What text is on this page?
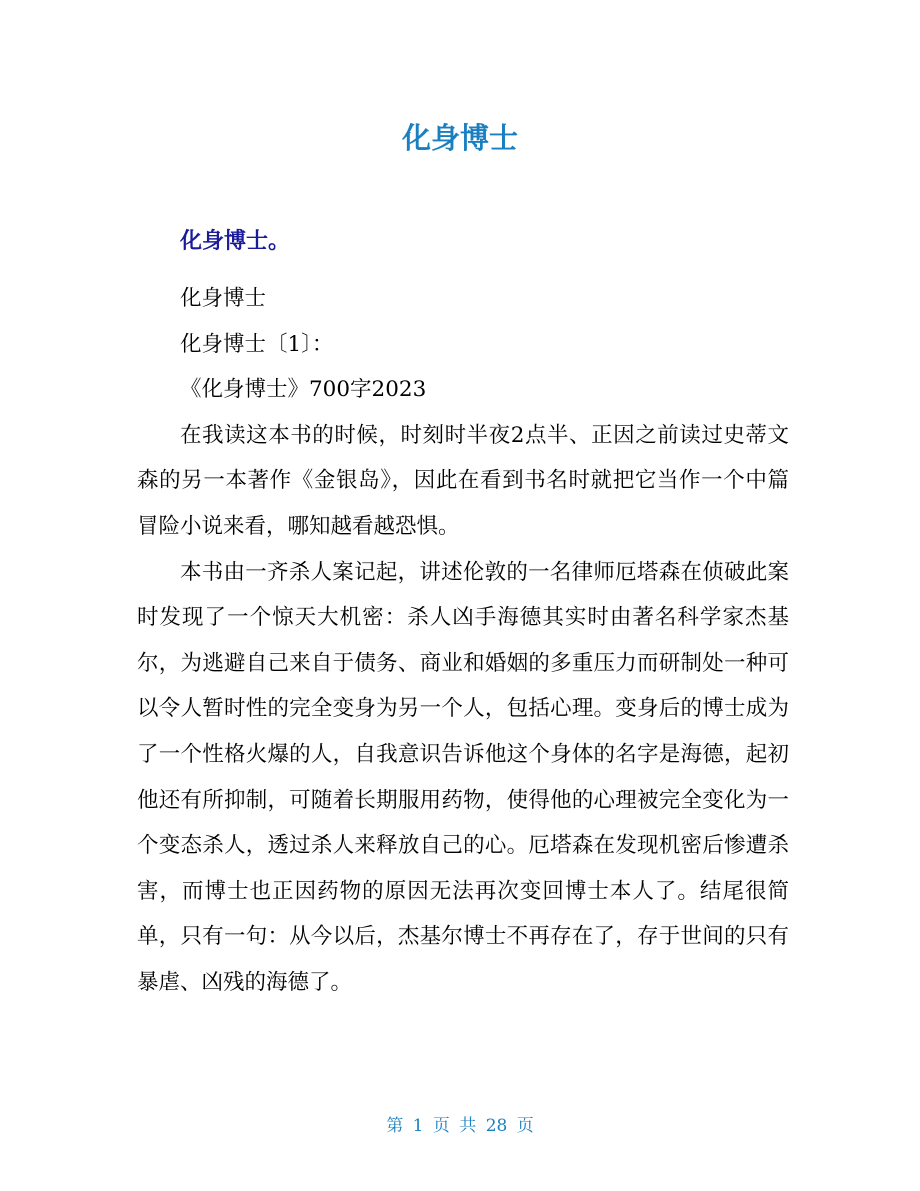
化身博士
化身博士。

化身博士

化身博士〔1〕：

《化身博士》700字2023

在我读这本书的时候，时刻时半夜2点半、正因之前读过史蒂文森的另一本著作《金银岛》，因此在看到书名时就把它当作一个中篇冒险小说来看，哪知越看越恐惧。

本书由一齐杀人案记起，讲述伦敦的一名律师厄塔森在侦破此案时发现了一个惊天大机密：杀人凶手海德其实时由著名科学家杰基尔，为逃避自己来自于债务、商业和婚姻的多重压力而研制处一种可以令人暂时性的完全变身为另一个人，包括心理。变身后的博士成为了一个性格火爆的人，自我意识告诉他这个身体的名字是海德，起初他还有所抑制，可随着长期服用药物，使得他的心理被完全变化为一个变态杀人，透过杀人来释放自己的心。厄塔森在发现机密后惨遭杀害，而博士也正因药物的原因无法再次变回博士本人了。结尾很简单，只有一句：从今以后，杰基尔博士不再存在了，存于世间的只有暴虐、凶残的海德了。

第 1 页 共 28 页
